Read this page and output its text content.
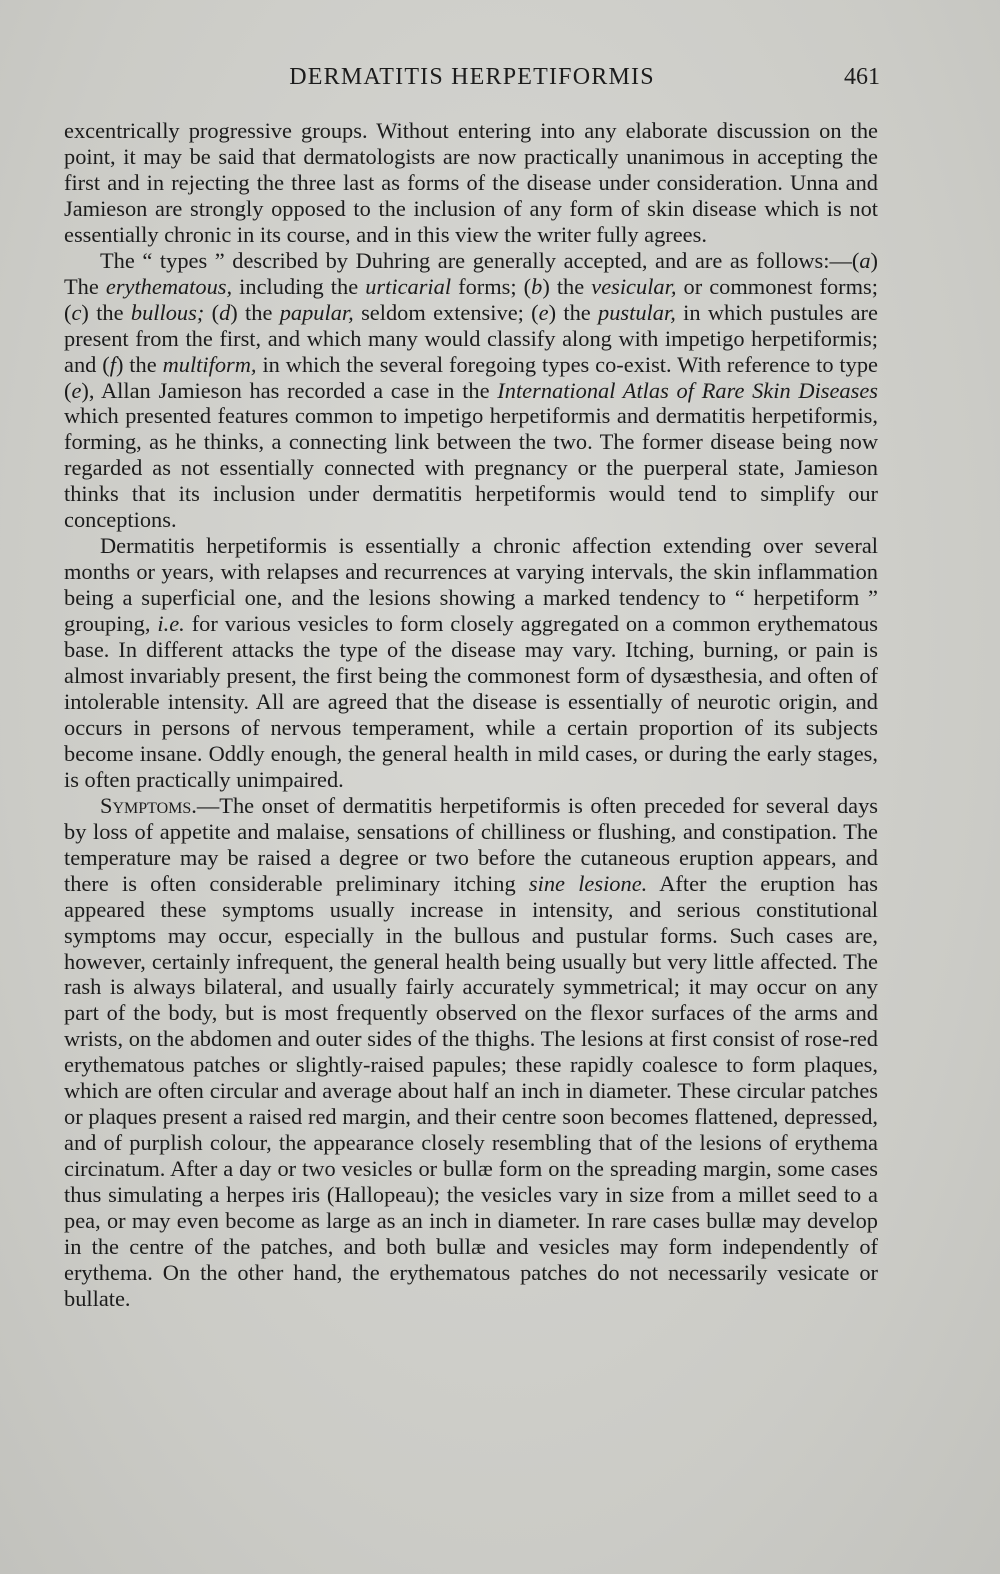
DERMATITIS HERPETIFORMIS	461

excentrically progressive groups. Without entering into any elaborate discussion on the point, it may be said that dermatologists are now practically unanimous in accepting the first and in rejecting the three last as forms of the disease under consideration. Unna and Jamieson are strongly opposed to the inclusion of any form of skin disease which is not essentially chronic in its course, and in this view the writer fully agrees.

The “ types ” described by Duhring are generally accepted, and are as follows:—(a) The erythematous, including the urticarial forms; (b) the vesicular, or commonest forms; (c) the bullous; (d) the papular, seldom extensive; (e) the pustular, in which pustules are present from the first, and which many would classify along with impetigo herpetiformis; and (f) the multiform, in which the several foregoing types co-exist. With reference to type (e), Allan Jamieson has recorded a case in the International Atlas of Rare Skin Diseases which presented features common to impetigo herpetiformis and dermatitis herpetiformis, forming, as he thinks, a connecting link between the two. The former disease being now regarded as not essentially connected with pregnancy or the puerperal state, Jamieson thinks that its inclusion under dermatitis herpetiformis would tend to simplify our conceptions.

Dermatitis herpetiformis is essentially a chronic affection extending over several months or years, with relapses and recurrences at varying intervals, the skin inflammation being a superficial one, and the lesions showing a marked tendency to “ herpetiform ” grouping, i.e. for various vesicles to form closely aggregated on a common erythematous base. In different attacks the type of the disease may vary. Itching, burning, or pain is almost invariably present, the first being the commonest form of dysæsthesia, and often of intolerable intensity. All are agreed that the disease is essentially of neurotic origin, and occurs in persons of nervous temperament, while a certain proportion of its subjects become insane. Oddly enough, the general health in mild cases, or during the early stages, is often practically unimpaired.

Symptoms.—The onset of dermatitis herpetiformis is often preceded for several days by loss of appetite and malaise, sensations of chilliness or flushing, and constipation. The temperature may be raised a degree or two before the cutaneous eruption appears, and there is often considerable preliminary itching sine lesione. After the eruption has appeared these symptoms usually increase in intensity, and serious constitutional symptoms may occur, especially in the bullous and pustular forms. Such cases are, however, certainly infrequent, the general health being usually but very little affected. The rash is always bilateral, and usually fairly accurately symmetrical; it may occur on any part of the body, but is most frequently observed on the flexor surfaces of the arms and wrists, on the abdomen and outer sides of the thighs. The lesions at first consist of rose-red erythematous patches or slightly-raised papules; these rapidly coalesce to form plaques, which are often circular and average about half an inch in diameter. These circular patches or plaques present a raised red margin, and their centre soon becomes flattened, depressed, and of purplish colour, the appearance closely resembling that of the lesions of erythema circinatum. After a day or two vesicles or bullæ form on the spreading margin, some cases thus simulating a herpes iris (Hallopeau); the vesicles vary in size from a millet seed to a pea, or may even become as large as an inch in diameter. In rare cases bullæ may develop in the centre of the patches, and both bullæ and vesicles may form independently of erythema. On the other hand, the erythematous patches do not necessarily vesicate or bullate.
